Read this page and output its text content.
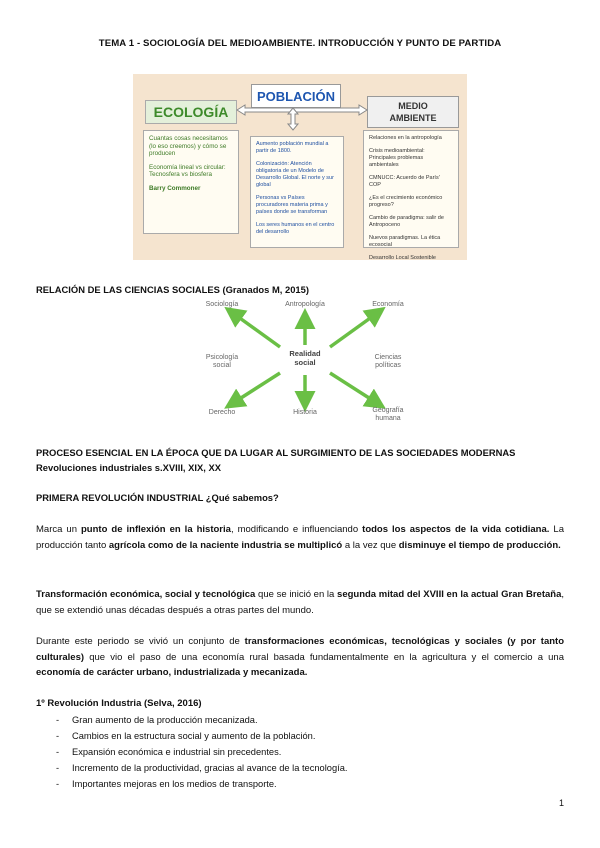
TEMA 1 - SOCIOLOGÍA DEL MEDIOAMBIENTE. INTRODUCCIÓN Y PUNTO DE PARTIDA
ECOLOGÍA
POBLACIÓN
MEDIO
AMBIENTE

Cuantas cosas necesitamos (lo eso creemos) y cómo se producen

Economía lineal vs circular: Tecnosfera vs biosfera

Barry Commoner

Aumento población mundial a partir de 1800.

Colonización: Atención obligatoria de un Modelo de Desarrollo Global. El norte y sur global

Personas vs Países procuradores materia prima y países donde se transforman

Los seres humanos en el centro del desarrollo

Relaciones en la antropología

Crisis medioambiental: Principales problemas ambientales

CMNUCC: Acuerdo de París' COP

¿Es el crecimiento económico progreso?

Cambio de paradigma: salir de Antropoceno

Nuevos paradigmas. La ética ecosocial

Desarrollo Local Sostenible

RELACIÓN DE LAS CIENCIAS SOCIALES (Granados M, 2015)
Sociología	Antropología	Economía
Psicología
social
Realidad
social
Ciencias
políticas
Derecho	Historia	Geografía
humana
PROCESO ESENCIAL EN LA ÉPOCA QUE DA LUGAR AL SURGIMIENTO DE LAS SOCIEDADES MODERNAS
Revoluciones industriales s.XVIII, XIX, XX
PRIMERA REVOLUCIÓN INDUSTRIAL ¿Qué sabemos?
Marca un punto de inflexión en la historia, modificando e influenciando todos los aspectos de la vida cotidiana. La producción tanto agrícola como de la naciente industria se multiplicó a la vez que disminuye el tiempo de producción.
Transformación económica, social y tecnológica que se inició en la segunda mitad del XVIII en la actual Gran Bretaña, que se extendió unas décadas después a otras partes del mundo.
Durante este periodo se vivió un conjunto de transformaciones económicas, tecnológicas y sociales (y por tanto culturales) que vio el paso de una economía rural basada fundamentalmente en la agricultura y el comercio a una economía de carácter urbano, industrializada y mecanizada.
1º Revolución Industria (Selva, 2016)
- Gran aumento de la producción mecanizada.
- Cambios en la estructura social y aumento de la población.
- Expansión económica e industrial sin precedentes.
- Incremento de la productividad, gracias al avance de la tecnología.
- Importantes mejoras en los medios de transporte.
1
